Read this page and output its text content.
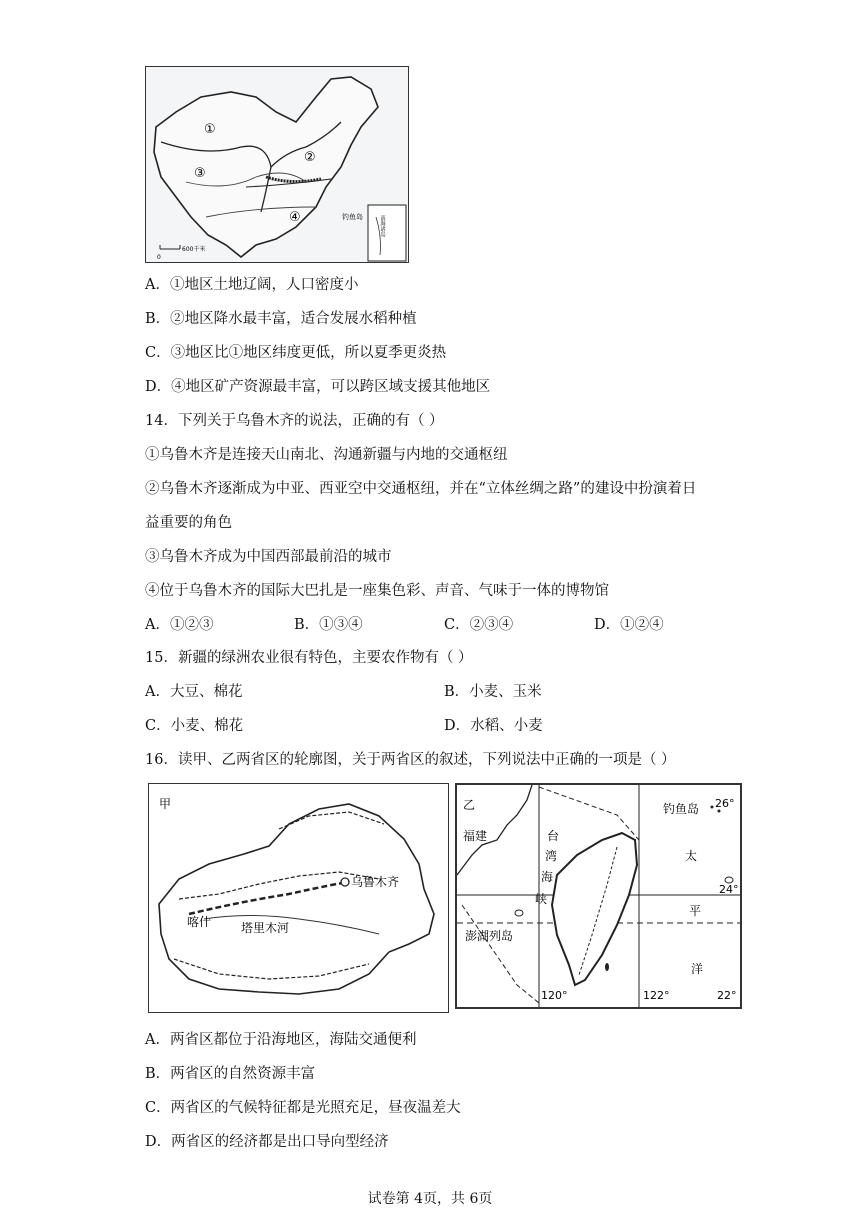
0
600千米
①
②
③
④	钓鱼岛	南海诸岛
A．①地区土地辽阔，人口密度小
B．②地区降水最丰富，适合发展水稻种植
C．③地区比①地区纬度更低，所以夏季更炎热
D．④地区矿产资源最丰富，可以跨区域支援其他地区
14．下列关于乌鲁木齐的说法，正确的有（ ）
①乌鲁木齐是连接天山南北、沟通新疆与内地的交通枢纽
②乌鲁木齐逐渐成为中亚、西亚空中交通枢纽，并在“立体丝绸之路”的建设中扮演着日
益重要的角色
③乌鲁木齐成为中国西部最前沿的城市
④位于乌鲁木齐的国际大巴扎是一座集色彩、声音、气味于一体的博物馆
A．①②③	B．①③④	C．②③④	D．①②④
15．新疆的绿洲农业很有特色，主要农作物有（ ）
A．大豆、棉花	B．小麦、玉米
C．小麦、棉花	D．水稻、小麦
16．读甲、乙两省区的轮廓图，关于两省区的叙述，下列说法中正确的一项是（ ）
甲
乌鲁木齐
喀什 塔里木河
乙
福建	台
湾
海
峡
钓鱼岛
澎湖列岛
太
平
洋
26°
24°
22°
120°	122°
A．两省区都位于沿海地区，海陆交通便利
B．两省区的自然资源丰富
C．两省区的气候特征都是光照充足，昼夜温差大
D．两省区的经济都是出口导向型经济
试卷第 4页，共 6页
